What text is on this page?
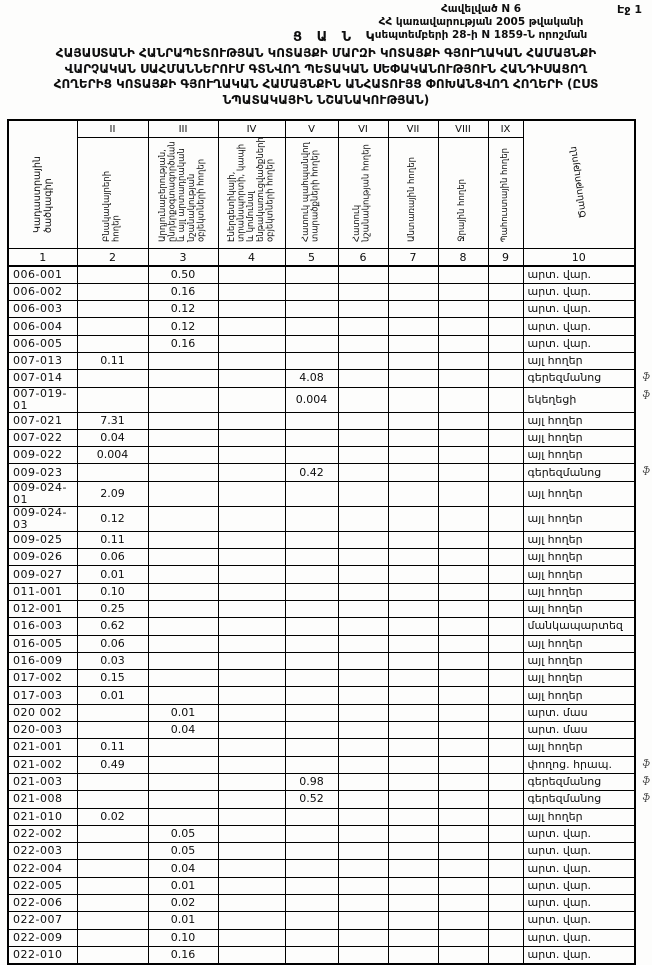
Էջ 1
Հավելված N 6
ՀՀ կառավարության 2005 թվականի
սեպտեմբերի 28-ի N 1859-Ն որոշման
Ց Ա Ն Կ
ՀԱՅԱՍՏԱՆԻ ՀԱՆՐԱՊԵՏՈՒԹՅԱՆ ԿՈՏԱՅՔԻ ՄԱՐԶԻ ԿՈՏԱՅՔԻ ԳՅՈՒՂԱԿԱՆ ՀԱՄԱՅՆՔԻ
ՎԱՐՉԱԿԱՆ ՍԱՀՄԱՆՆԵՐՈՒՄ ԳՏՆՎՈՂ ՊԵՏԱԿԱՆ ՍԵՓԱԿԱՆՈՒԹՅՈՒՆ ՀԱՆԴԻՍԱՑՈՂ
ՀՈՂԵՐԻՑ ԿՈՏԱՅՔԻ ԳՅՈՒՂԱԿԱՆ ՀԱՄԱՅՆՔԻՆ ԱՆՀԱՏՈՒՅՑ ՓՈԽԱՆՑՎՈՂ ՀՈՂԵՐԻ (ԸՍՏ
ՆՊԱՏԱԿԱՅԻՆ ՆՇԱՆԱԿՈՒԹՅԱՆ)
Կադաստրային ծածկագիր	II	III	IV	V	VI	VII	VIII	IX	Ծանոթություն
	Բնակավայրերի հողեր	Արդյունաբերության, ընդերքօգտագործման և այլ արտադրական նշանակության օբյեկտների հողեր	Էներգետիկայի, տրանսպորտի, կապի և կոմունալ ենթակառուցվածքների օբյեկտների հողեր	Հատուկ պահպանվող տարածքների հողեր	Հատուկ նշանակության հողեր	Անտառային հողեր	Ջրային հողեր	Պահուստային հողեր	
1	2	3	4	5	6	7	8	9	10
006-001		0.50							արտ. վար.
006-002		0.16							արտ. վար.
006-003		0.12							արտ. վար.
006-004		0.12							արտ. վար.
006-005		0.16							արտ. վար.
007-013	0.11								այլ հողեր
007-014				4.08					գերեզմանոց ֆ

007-019-01				0.004					եկեղեցի ֆ

007-021	7.31								այլ հողեր
007-022	0.04								այլ հողեր
009-022	0.004								այլ հողեր
009-023				0.42					գերեզմանոց ֆ

009-024-01	2.09								այլ հողեր
009-024-03	0.12								այլ հողեր
009-025	0.11								այլ հողեր
009-026	0.06								այլ հողեր
009-027	0.01								այլ հողեր
011-001	0.10								այլ հողեր
012-001	0.25								այլ հողեր
016-003	0.62								մանկապարտեզ
016-005	0.06								այլ հողեր
016-009	0.03								այլ հողեր
017-002	0.15								այլ հողեր
017-003	0.01								այլ հողեր
020 002		0.01							արտ. մաս
020-003		0.04							արտ. մաս
021-001	0.11								այլ հողեր
021-002	0.49								փողոց. հրապ. ֆ

021-003				0.98					գերեզմանոց ֆ

021-008				0.52					գերեզմանոց ֆ

021-010	0.02								այլ հողեր
022-002		0.05							արտ. վար.
022-003		0.05							արտ. վար.
022-004		0.04							արտ. վար.
022-005		0.01							արտ. վար.
022-006		0.02							արտ. վար.
022-007		0.01							արտ. վար.
022-009		0.10							արտ. վար.
022-010		0.16							արտ. վար.
